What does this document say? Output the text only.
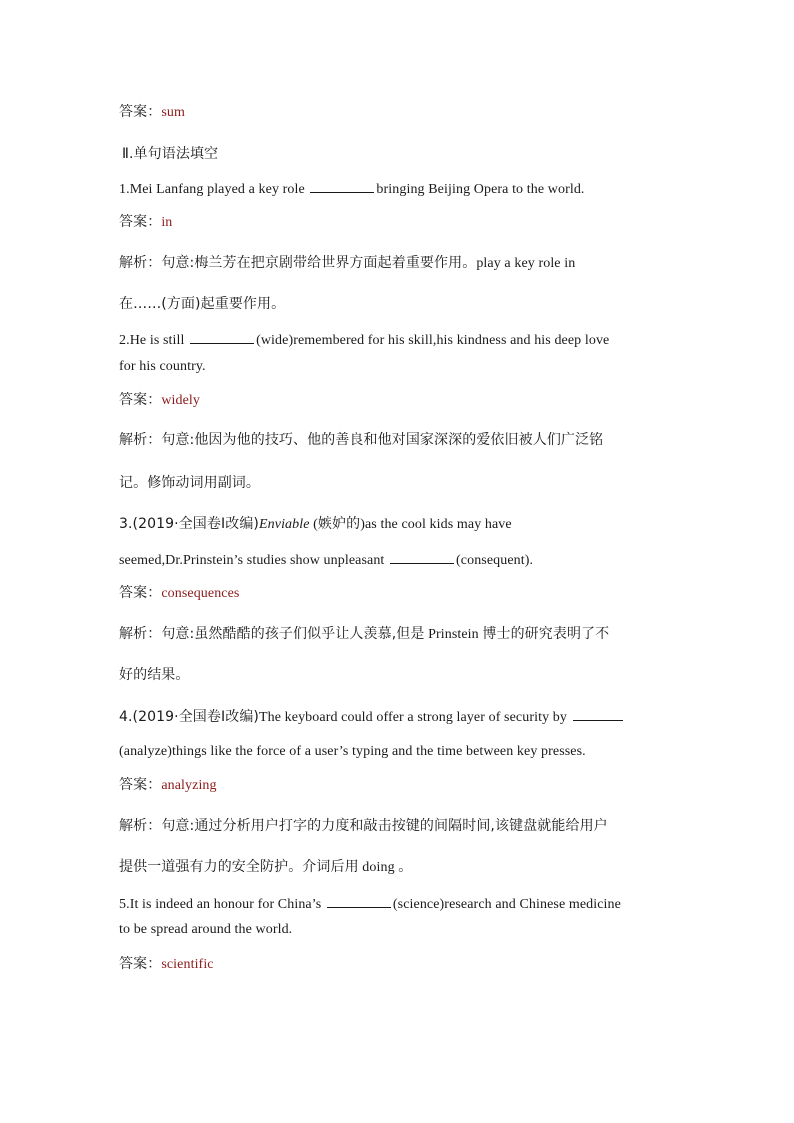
答案：sum
Ⅱ.单句语法填空
1.Mei Lanfang played a key role	bringing Beijing Opera to the world.
答案：in
解析：句意:梅兰芳在把京剧带给世界方面起着重要作用。play a key role in
在……(方面)起重要作用。
2.He is still	(wide)remembered for his skill,his kindness and his deep love
for his country.
答案：widely
解析：句意:他因为他的技巧、他的善良和他对国家深深的爱依旧被人们广泛铭
记。修饰动词用副词。
3.(2019·全国卷Ⅰ改编)Enviable (嫉妒的)as the cool kids may have
seemed,Dr.Prinstein’s studies show unpleasant	(consequent).
答案：consequences
解析：句意:虽然酷酷的孩子们似乎让人羡慕,但是 Prinstein 博士的研究表明了不
好的结果。
4.(2019·全国卷Ⅰ改编)The keyboard could offer a strong layer of security by
(analyze)things like the force of a user’s typing and the time between key presses.
答案：analyzing
解析：句意:通过分析用户打字的力度和敲击按键的间隔时间,该键盘就能给用户
提供一道强有力的安全防护。介词后用 doing 。
5.It is indeed an honour for China’s	(science)research and Chinese medicine
to be spread around the world.
答案：scientific
